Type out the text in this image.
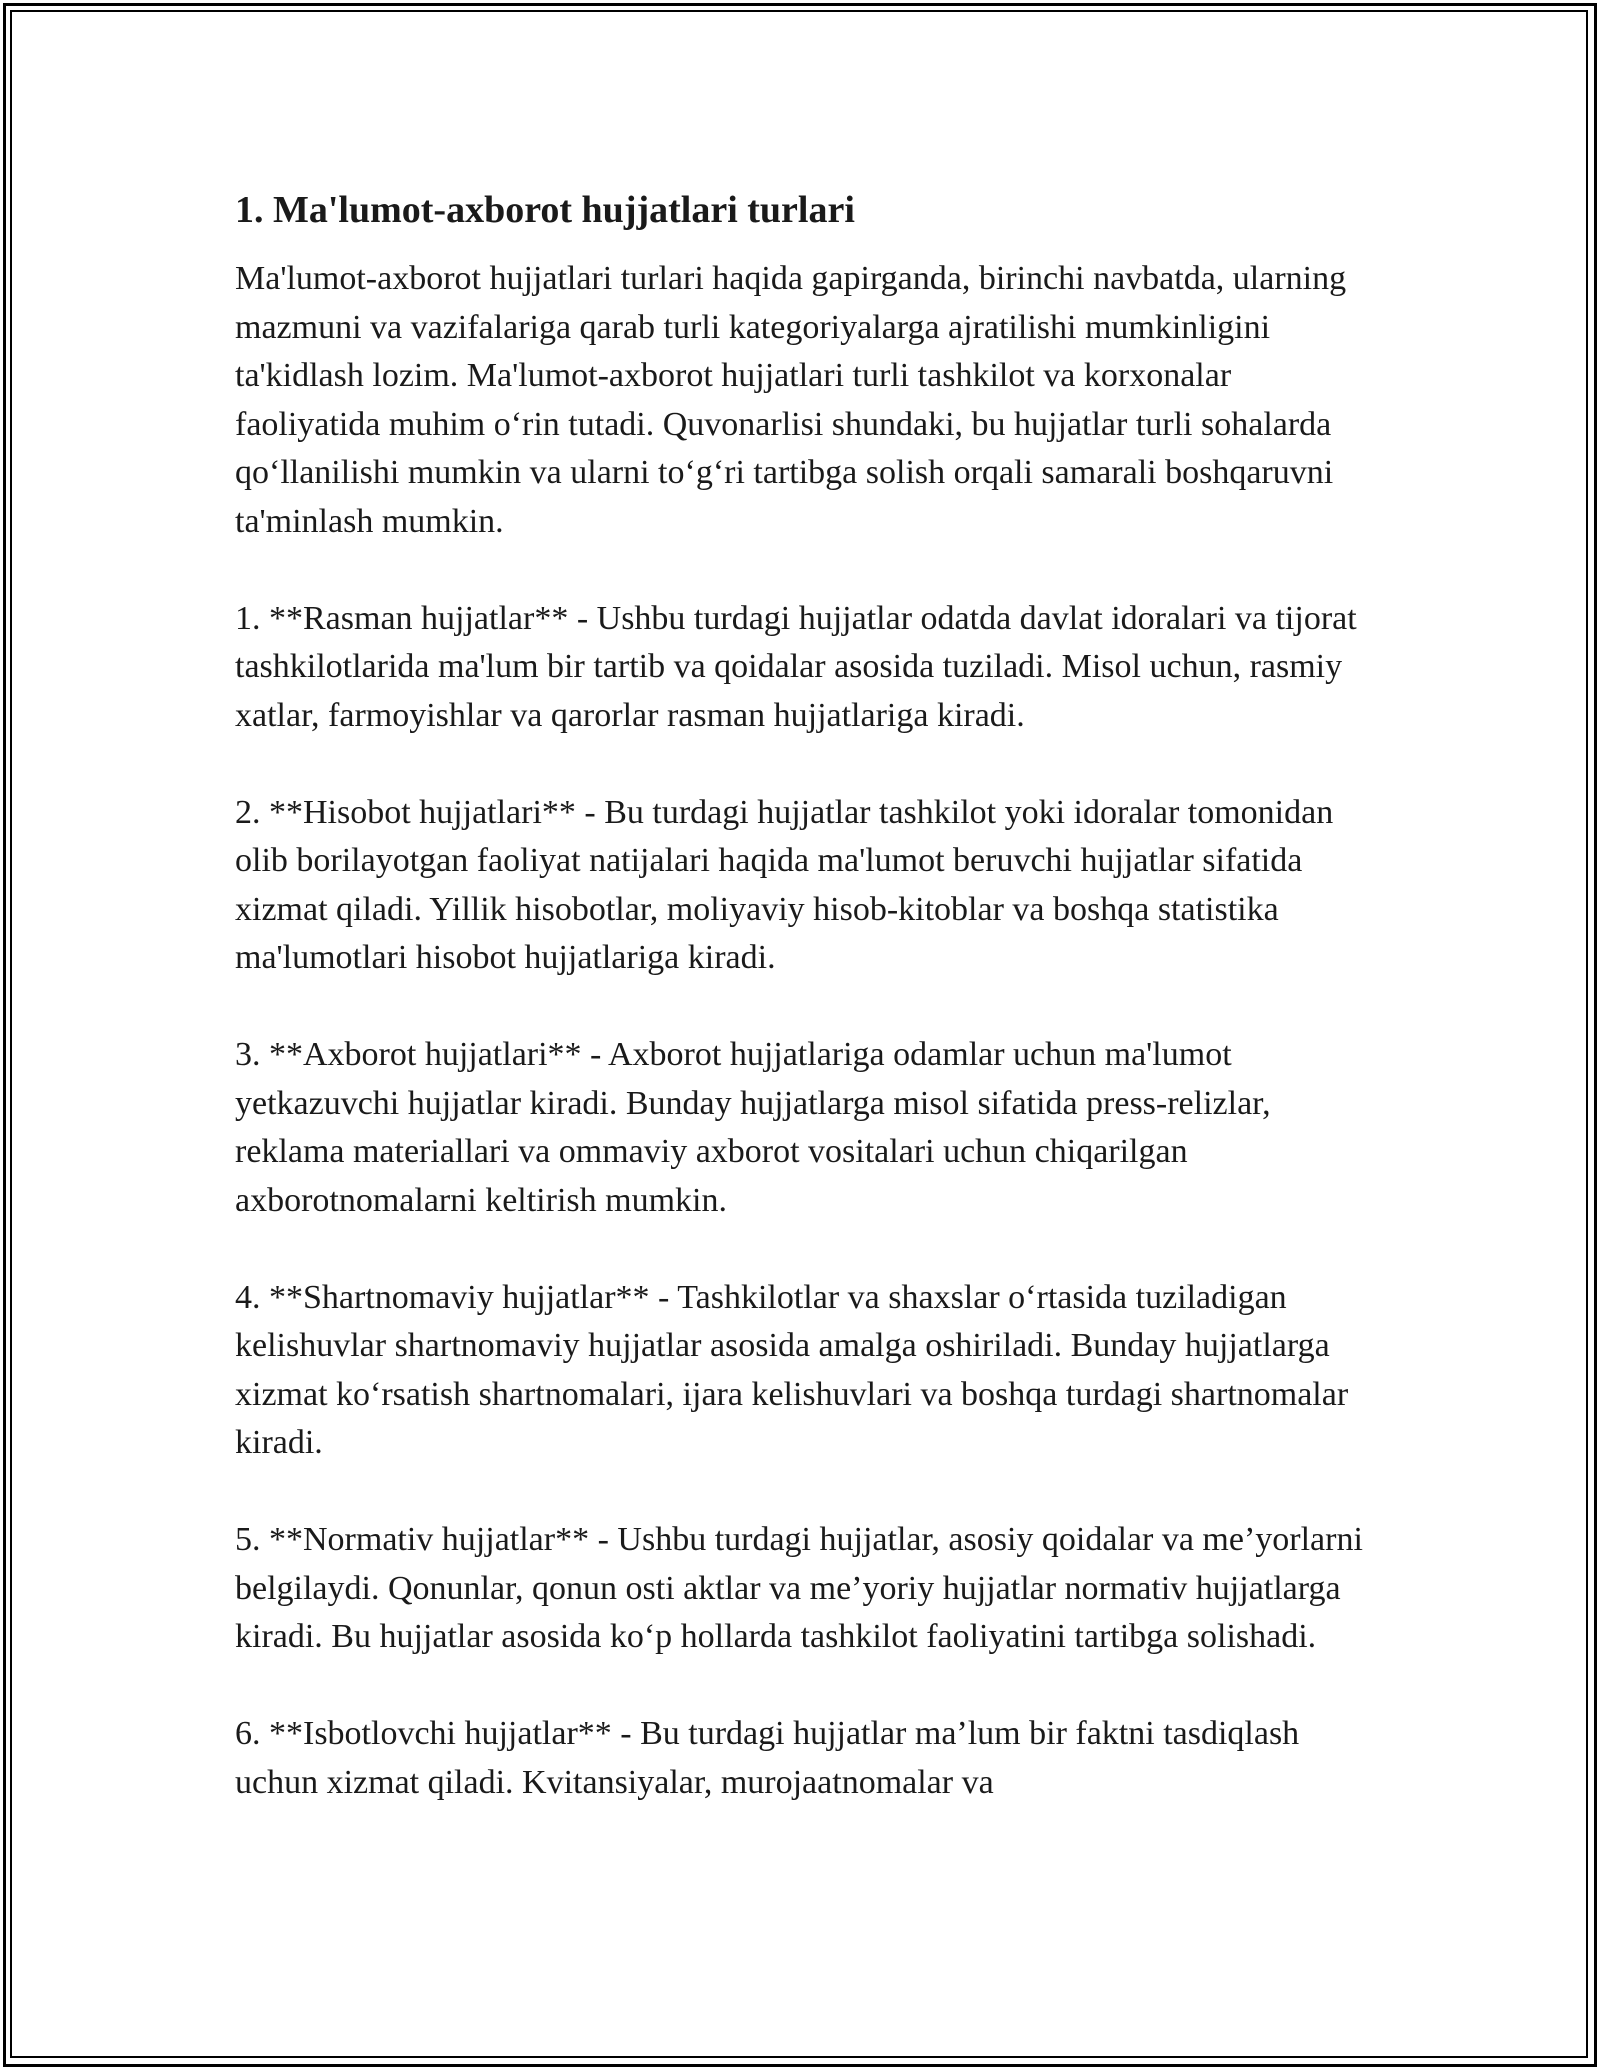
1. Ma'lumot-axborot hujjatlari turlari

Ma'lumot-axborot hujjatlari turlari haqida gapirganda, birinchi navbatda, ularning mazmuni va vazifalariga qarab turli kategoriyalarga ajratilishi mumkinligini ta'kidlash lozim. Ma'lumot-axborot hujjatlari turli tashkilot va korxonalar faoliyatida muhim o‘rin tutadi. Quvonarlisi shundaki, bu hujjatlar turli sohalarda qo‘llanilishi mumkin va ularni to‘g‘ri tartibga solish orqali samarali boshqaruvni ta'minlash mumkin.

1. **Rasman hujjatlar** - Ushbu turdagi hujjatlar odatda davlat idoralari va tijorat tashkilotlarida ma'lum bir tartib va qoidalar asosida tuziladi. Misol uchun, rasmiy xatlar, farmoyishlar va qarorlar rasman hujjatlariga kiradi.

2. **Hisobot hujjatlari** - Bu turdagi hujjatlar tashkilot yoki idoralar tomonidan olib borilayotgan faoliyat natijalari haqida ma'lumot beruvchi hujjatlar sifatida xizmat qiladi. Yillik hisobotlar, moliyaviy hisob-kitoblar va boshqa statistika ma'lumotlari hisobot hujjatlariga kiradi.

3. **Axborot hujjatlari** - Axborot hujjatlariga odamlar uchun ma'lumot yetkazuvchi hujjatlar kiradi. Bunday hujjatlarga misol sifatida press-relizlar, reklama materiallari va ommaviy axborot vositalari uchun chiqarilgan axborotnomalarni keltirish mumkin.

4. **Shartnomaviy hujjatlar** - Tashkilotlar va shaxslar o‘rtasida tuziladigan kelishuvlar shartnomaviy hujjatlar asosida amalga oshiriladi. Bunday hujjatlarga xizmat ko‘rsatish shartnomalari, ijara kelishuvlari va boshqa turdagi shartnomalar kiradi.

5. **Normativ hujjatlar** - Ushbu turdagi hujjatlar, asosiy qoidalar va me’yorlarni belgilaydi. Qonunlar, qonun osti aktlar va me’yoriy hujjatlar normativ hujjatlarga kiradi. Bu hujjatlar asosida ko‘p hollarda tashkilot faoliyatini tartibga solishadi.

6. **Isbotlovchi hujjatlar** - Bu turdagi hujjatlar ma’lum bir faktni tasdiqlash uchun xizmat qiladi. Kvitansiyalar, murojaatnomalar va
